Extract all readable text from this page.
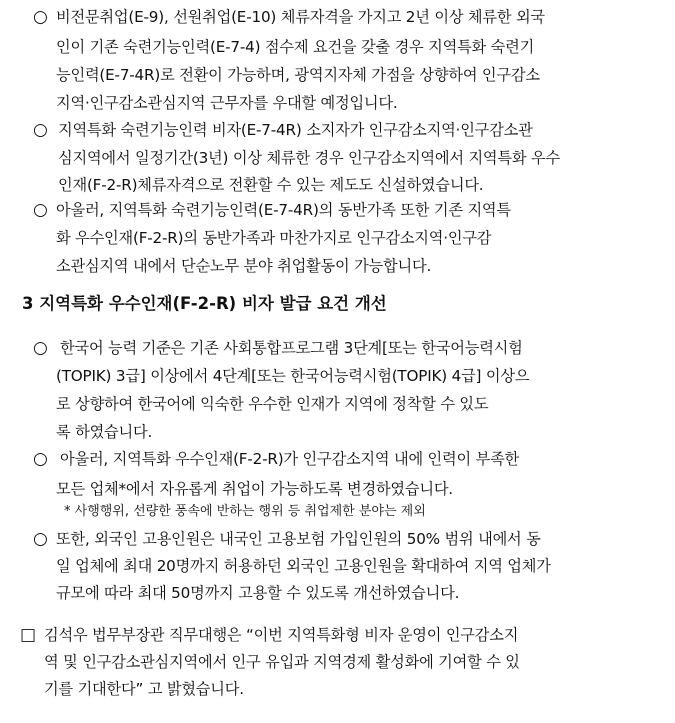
○ 비전문취업(E-9), 선원취업(E-10) 체류자격을 가지고 2년 이상 체류한 외국
인이 기존 숙련기능인력(E-7-4) 점수제 요건을 갖출 경우 지역특화 숙련기
능인력(E-7-4R)로 전환이 가능하며, 광역지자체 가점을 상향하여 인구감소
지역·인구감소관심지역 근무자를 우대할 예정입니다.
○ 지역특화 숙련기능인력 비자(E-7-4R) 소지자가 인구감소지역·인구감소관
심지역에서 일정기간(3년) 이상 체류한 경우 인구감소지역에서 지역특화 우수
인재(F-2-R)체류자격으로 전환할 수 있는 제도도 신설하였습니다.
○ 아울러, 지역특화 숙련기능인력(E-7-4R)의 동반가족 또한 기존 지역특
화 우수인재(F-2-R)의 동반가족과 마찬가지로 인구감소지역·인구감
소관심지역 내에서 단순노무 분야 취업활동이 가능합니다.
3 지역특화 우수인재(F-2-R) 비자 발급 요건 개선
○ 한국어 능력 기준은 기존 사회통합프로그램 3단계[또는 한국어능력시험
(TOPIK) 3급] 이상에서 4단계[또는 한국어능력시험(TOPIK) 4급] 이상으
로 상향하여 한국어에 익숙한 우수한 인재가 지역에 정착할 수 있도
록 하였습니다.
○ 아울러, 지역특화 우수인재(F-2-R)가 인구감소지역 내에 인력이 부족한
모든 업체*에서 자유롭게 취업이 가능하도록 변경하였습니다.
* 사행행위, 선량한 풍속에 반하는 행위 등 취업제한 분야는 제외
○ 또한, 외국인 고용인원은 내국인 고용보험 가입인원의 50% 범위 내에서 동
일 업체에 최대 20명까지 허용하던 외국인 고용인원을 확대하여 지역 업체가
규모에 따라 최대 50명까지 고용할 수 있도록 개선하였습니다.
□ 김석우 법무부장관 직무대행은 “이번 지역특화형 비자 운영이 인구감소지
역 및 인구감소관심지역에서 인구 유입과 지역경제 활성화에 기여할 수 있
기를 기대한다” 고 밝혔습니다.
